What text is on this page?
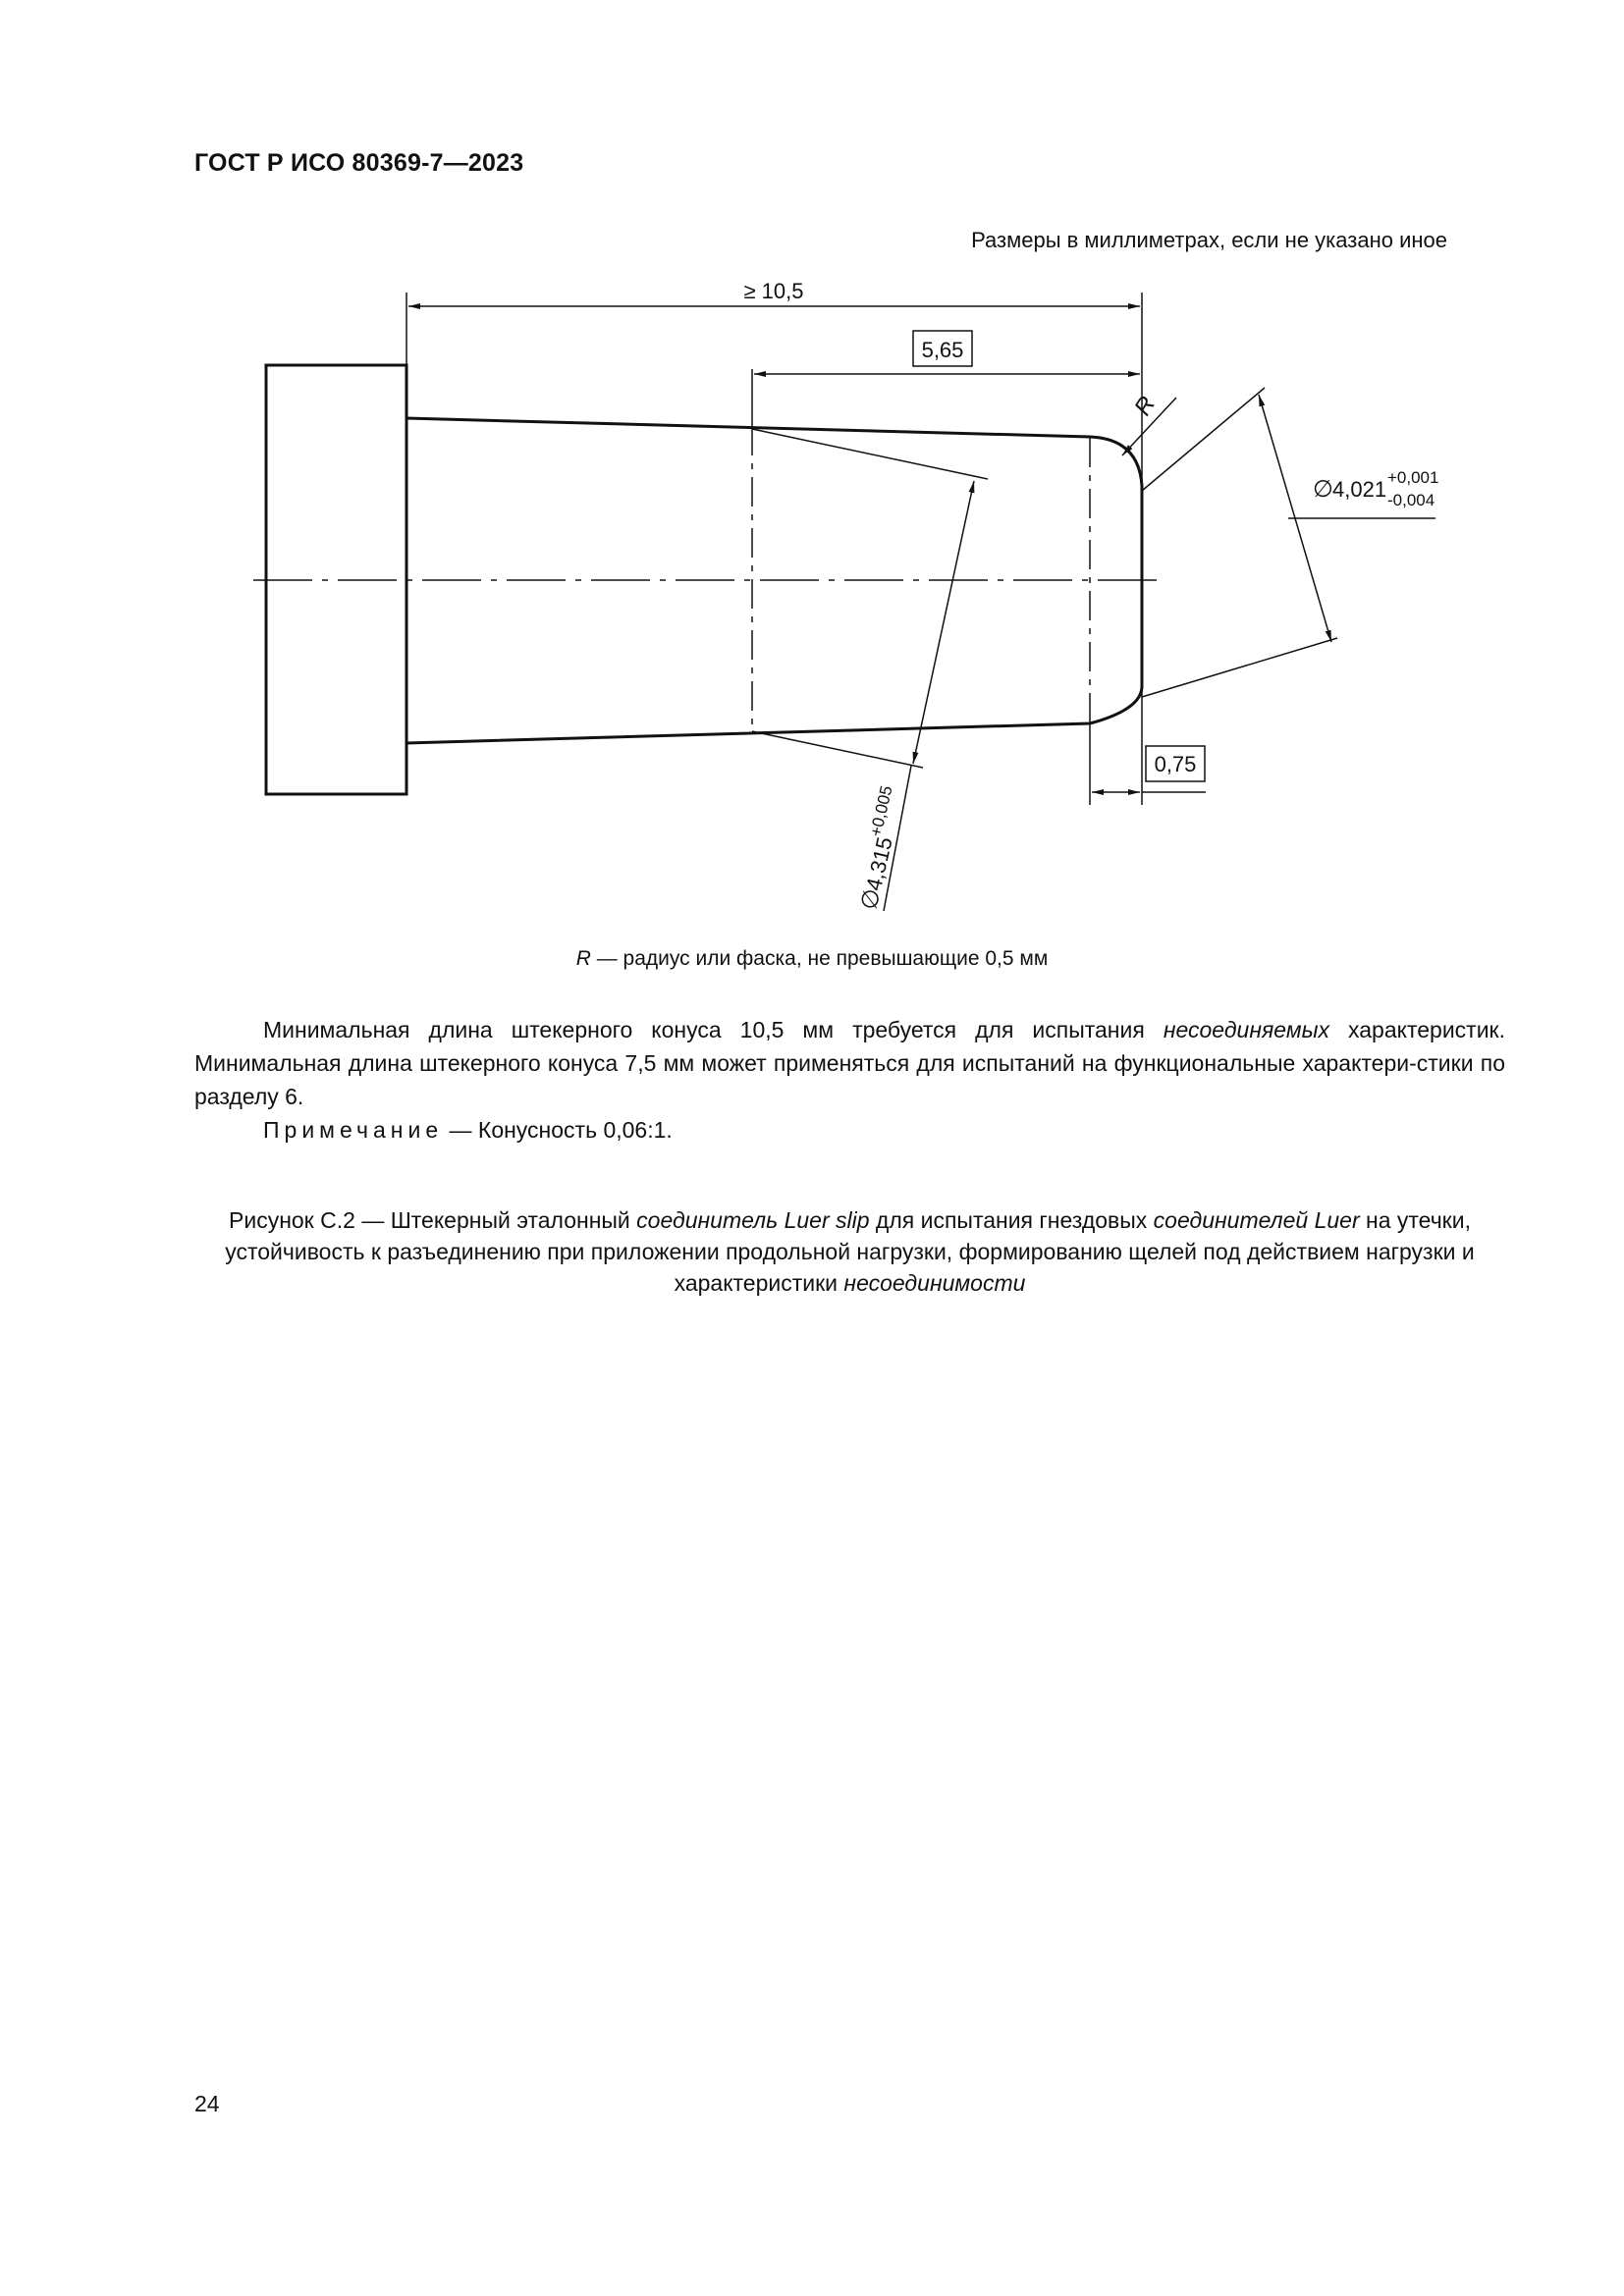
ГОСТ Р ИСО 80369-7—2023
Размеры в миллиметрах, если не указано иное
≥ 10,5
5,65
0,75
R
∅ 4,021 +0,001
-0,004
∅
4,315
+0,005
R — радиус или фаска, не превышающие 0,5 мм
Минимальная длина штекерного конуса 10,5 мм требуется для испытания несоединяемых характеристик. Минимальная длина штекерного конуса 7,5 мм может применяться для испытаний на функциональные характери-стики по разделу 6.
Примечание — Конусность 0,06:1.
Рисунок C.2 — Штекерный эталонный соединитель Luer slip для испытания гнездовых соединителей Luer на утечки, устойчивость к разъединению при приложении продольной нагрузки, формированию щелей под действием нагрузки и характеристики несоединимости
24
